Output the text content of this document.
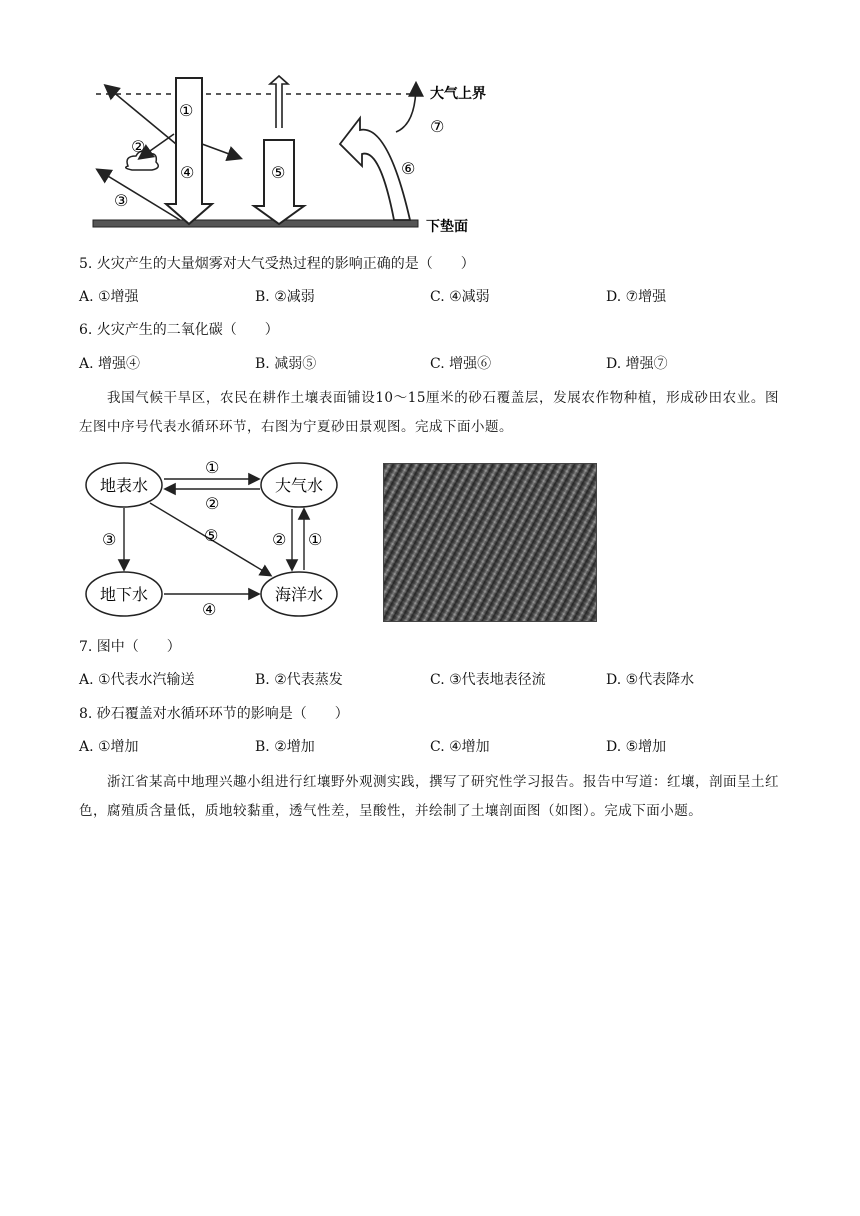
①
②
③
④	⑤	⑥
⑦
大气上界
下垫面
5. 火灾产生的大量烟雾对大气受热过程的影响正确的是（　　）
A. ①增强	B. ②减弱	C. ④减弱	D. ⑦增强
6. 火灾产生的二氧化碳（　　）
A. 增强④	B. 减弱⑤	C. 增强⑥	D. 增强⑦
我国气候干旱区，农民在耕作土壤表面铺设10～15厘米的砂石覆盖层，发展农作物种植，形成砂田农业。图左图中序号代表水循环环节，右图为宁夏砂田景观图。完成下面小题。
地表水	大气水
地下水	海洋水
①
②
③
④
⑤	② ①
7. 图中（　　）
A. ①代表水汽输送	B. ②代表蒸发	C. ③代表地表径流	D. ⑤代表降水
8. 砂石覆盖对水循环环节的影响是（　　）
A. ①增加	B. ②增加	C. ④增加	D. ⑤增加
浙江省某高中地理兴趣小组进行红壤野外观测实践，撰写了研究性学习报告。报告中写道：红壤，剖面呈土红色，腐殖质含量低，质地较黏重，透气性差，呈酸性，并绘制了土壤剖面图（如图）。完成下面小题。
